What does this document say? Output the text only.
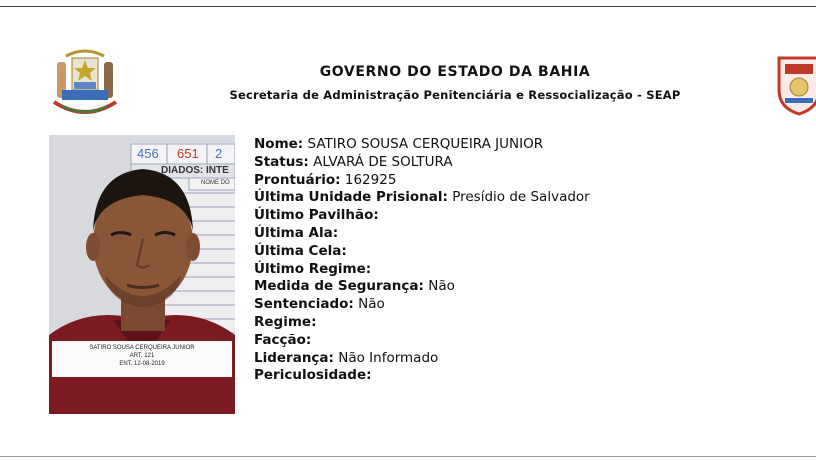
GOVERNO DO ESTADO DA BAHIA
Secretaria de Administração Penitenciária e Ressocialização - SEAP
456 651 2
DIADOS: INTE
NOME DO
SATIRO SOUSA CERQUEIRA JUNIOR
ART. 121
ENT. 12-08-2019
Nome: SATIRO SOUSA CERQUEIRA JUNIOR
Status: ALVARÁ DE SOLTURA
Prontuário: 162925
Última Unidade Prisional: Presídio de Salvador
Último Pavilhão:
Última Ala:
Última Cela:
Último Regime:
Medida de Segurança: Não
Sentenciado: Não
Regime:
Facção:
Liderança: Não Informado
Periculosidade:
